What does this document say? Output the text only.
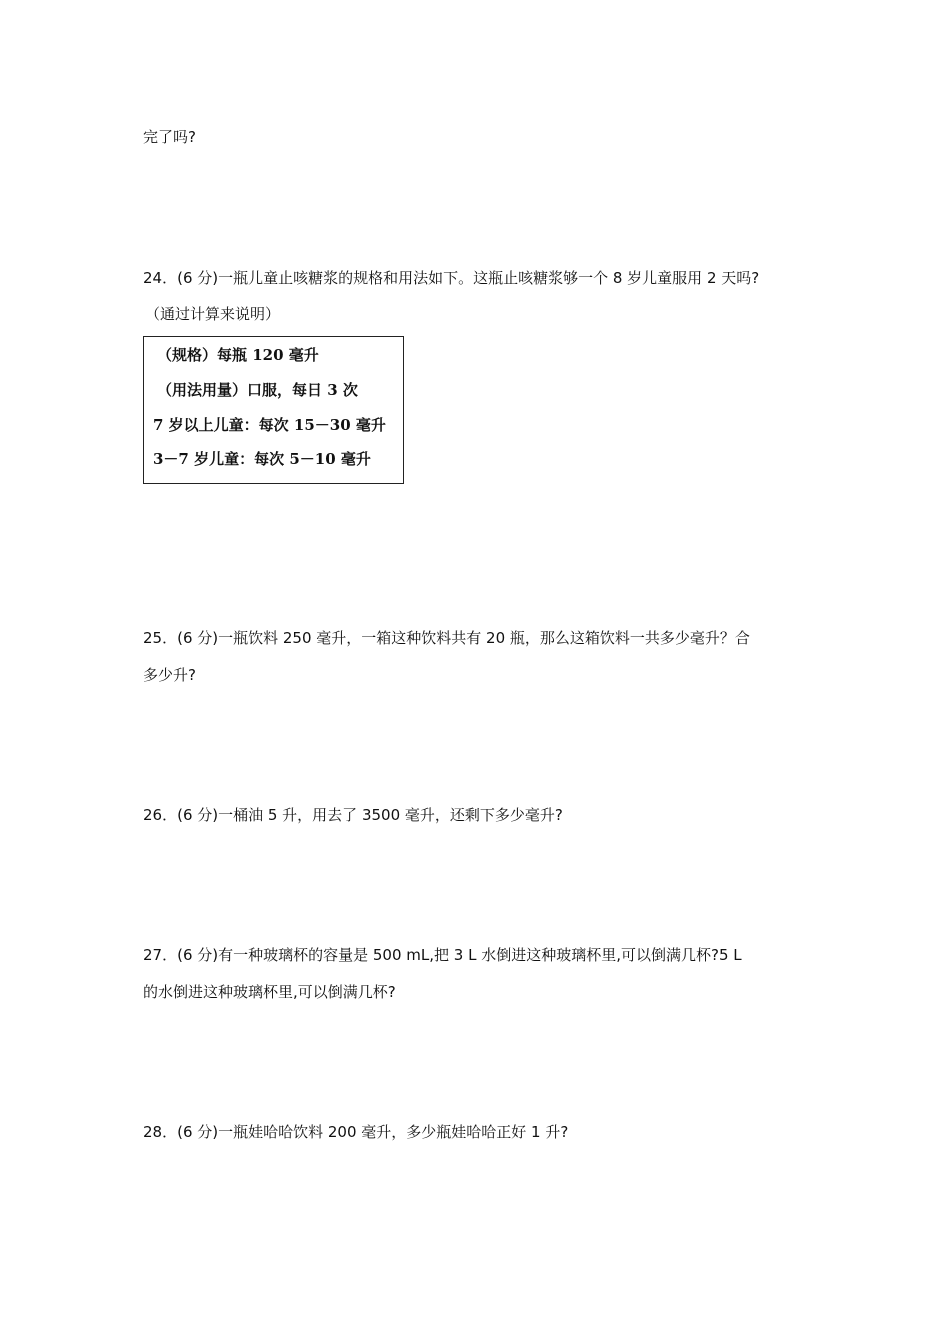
完了吗?
24．(6 分)一瓶儿童止咳糖浆的规格和用法如下。这瓶止咳糖浆够一个 8 岁儿童服用 2 天吗?
（通过计算来说明）
（规格）每瓶 120 毫升
（用法用量）口服，每日 3 次
7 岁以上儿童：每次 15－30 毫升
3－7 岁儿童：每次 5－10 毫升
25．(6 分)一瓶饮料 250 毫升，一箱这种饮料共有 20 瓶，那么这箱饮料一共多少毫升？合
多少升?
26．(6 分)一桶油 5 升，用去了 3500 毫升，还剩下多少毫升?
27．(6 分)有一种玻璃杯的容量是 500 mL,把 3 L 水倒进这种玻璃杯里,可以倒满几杯?5 L
的水倒进这种玻璃杯里,可以倒满几杯?
28．(6 分)一瓶娃哈哈饮料 200 毫升，多少瓶娃哈哈正好 1 升?
